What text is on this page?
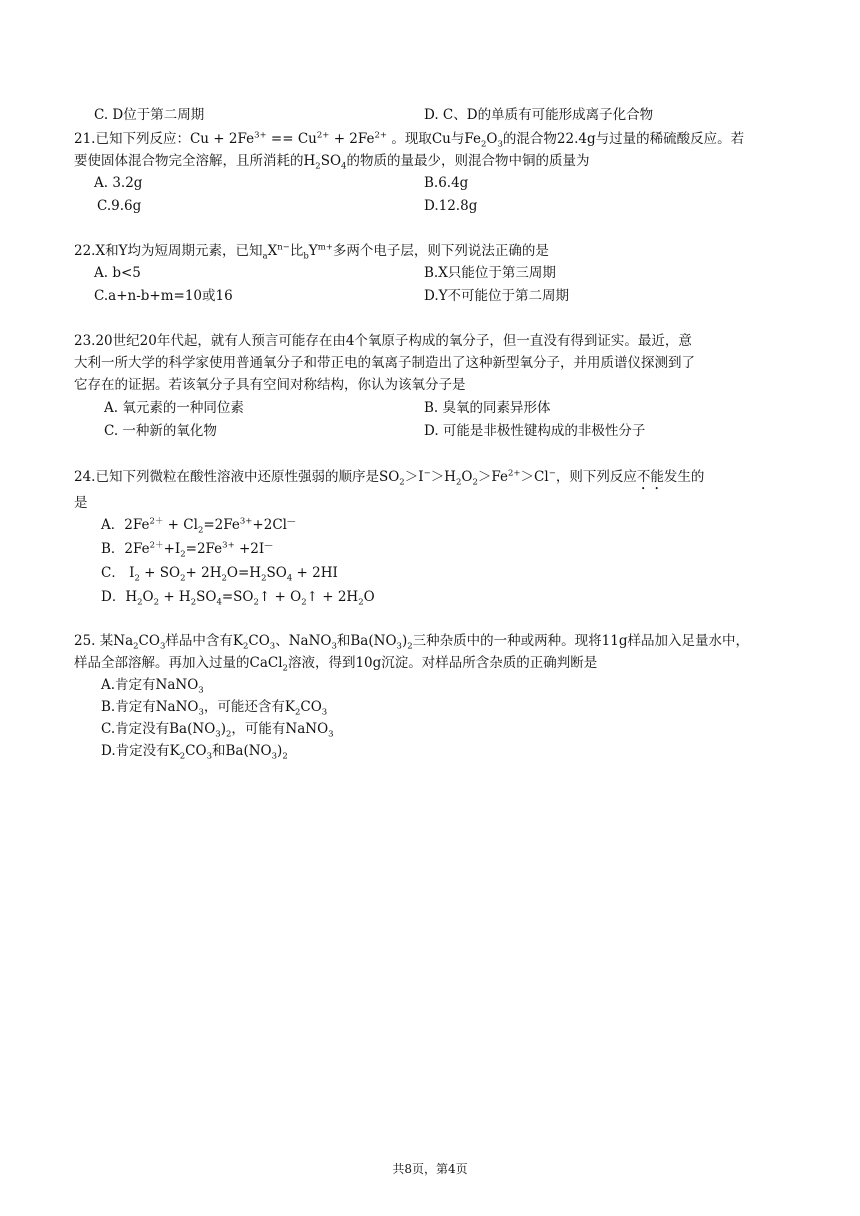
C. D位于第二周期	D. C、D的单质有可能形成离子化合物
21.已知下列反应：$Cu + 2Fe^{3+} == Cu^{2+} + 2Fe^{2+}$ 。现取Cu与$Fe_2O_3$的混合物22.4g与过量的稀硫酸反应。若
要使固体混合物完全溶解，且所消耗的$H_2SO_4$的物质的量最少，则混合物中铜的质量为
A. 3.2g	B.6.4g
C.9.6g	D.12.8g
22.X和Y均为短周期元素，已知$_aX^{n-}$比$_bY^{m+}$多两个电子层，则下列说法正确的是
A. b<5	B.X只能位于第三周期
C.a+n-b+m=10或16	D.Y不可能位于第二周期
23.20世纪20年代起，就有人预言可能存在由4个氧原子构成的氧分子，但一直没有得到证实。最近，意
大利一所大学的科学家使用普通氧分子和带正电的氧离子制造出了这种新型氧分子，并用质谱仪探测到了
它存在的证据。若该氧分子具有空间对称结构，你认为该氧分子是
A. 氧元素的一种同位素	B. 臭氧的同素异形体
C. 一种新的氧化物	D. 可能是非极性键构成的非极性分子
24.已知下列微粒在酸性溶液中还原性强弱的顺序是$SO_2>I^->H_2O_2>Fe^{2+}>Cl^-$，则下列反应不能发生的
是
A．$2Fe^{2+} + Cl_2=2Fe^{3+}+2Cl^—$
B．$2Fe^{2+}+I_2=2Fe^{3+} +2I^—$
C． $I_2 + SO_2+ 2H_2O=H_2SO_4 + 2HI$
D．$H_2O_2$ + $H_2SO_4=SO_2↑$ + $O_2↑ + 2H_2O$
25. 某$Na_2CO_3$样品中含有$K_2CO_3$、NaNO$_3$和$Ba(NO_3)_2$三种杂质中的一种或两种。现将11g样品加入足量水中，
样品全部溶解。再加入过量的CaCl$_2$溶液，得到10g沉淀。对样品所含杂质的正确判断是
A.肯定有NaNO$_3$
B.肯定有NaNO$_3$，可能还含有$K_2CO_3$
C.肯定没有$Ba(NO_3)_2$，可能有NaNO$_3$
D.肯定没有$K_2CO_3$和$Ba(NO_3)_2$
共8页，第4页
